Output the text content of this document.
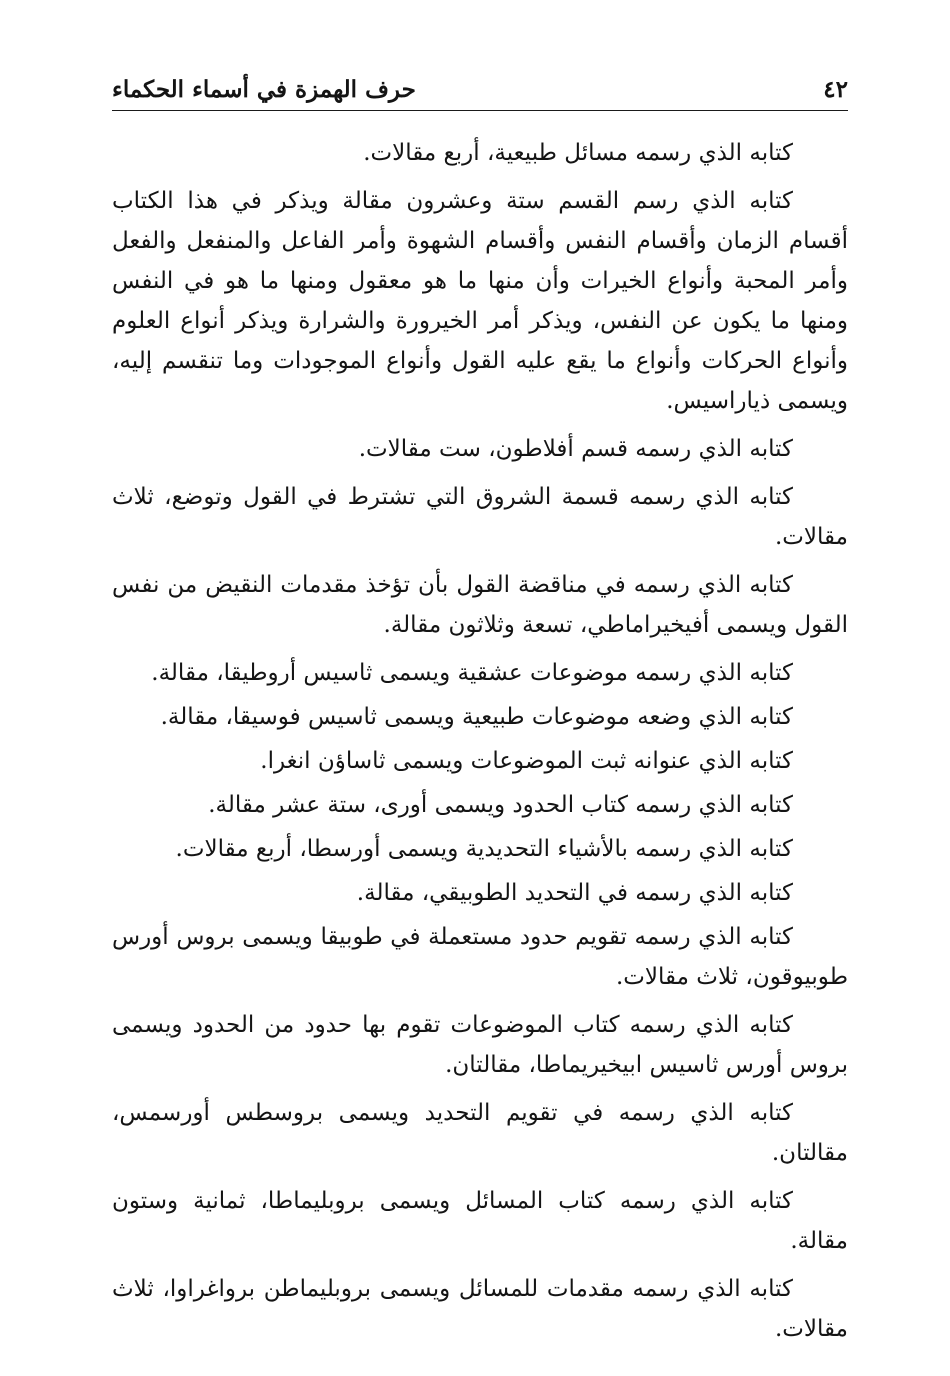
٤٢
حرف الهمزة في أسماء الحكماء

كتابه الذي رسمه مسائل طبيعية، أربع مقالات.

كتابه الذي رسم القسم ستة وعشرون مقالة ويذكر في هذا الكتاب أقسام الزمان وأقسام النفس وأقسام الشهوة وأمر الفاعل والمنفعل والفعل وأمر المحبة وأنواع الخيرات وأن منها ما هو معقول ومنها ما هو في النفس ومنها ما يكون عن النفس، ويذكر أمر الخيرورة والشرارة ويذكر أنواع العلوم وأنواع الحركات وأنواع ما يقع عليه القول وأنواع الموجودات وما تنقسم إليه، ويسمى ذياراسيس.

كتابه الذي رسمه قسم أفلاطون، ست مقالات.

كتابه الذي رسمه قسمة الشروق التي تشترط في القول وتوضع، ثلاث مقالات.

كتابه الذي رسمه في مناقضة القول بأن تؤخذ مقدمات النقيض من نفس القول ويسمى أفيخيراماطي، تسعة وثلاثون مقالة.

كتابه الذي رسمه موضوعات عشقية ويسمى ثاسيس أروطيقا، مقالة.

كتابه الذي وضعه موضوعات طبيعية ويسمى ثاسيس فوسيقا، مقالة.

كتابه الذي عنوانه ثبت الموضوعات ويسمى ثاساؤن انغرا.

كتابه الذي رسمه كتاب الحدود ويسمى أورى، ستة عشر مقالة.

كتابه الذي رسمه بالأشياء التحديدية ويسمى أورسطا، أربع مقالات.

كتابه الذي رسمه في التحديد الطوبيقي، مقالة.

كتابه الذي رسمه تقويم حدود مستعملة في طوبيقا ويسمى بروس أورس طوبيوقون، ثلاث مقالات.

كتابه الذي رسمه كتاب الموضوعات تقوم بها حدود من الحدود ويسمى بروس أورس ثاسيس ابيخيريماطا، مقالتان.

كتابه الذي رسمه في تقويم التحديد ويسمى بروسطس أورسمس، مقالتان.

كتابه الذي رسمه كتاب المسائل ويسمى بروبليماطا، ثمانية وستون مقالة.

كتابه الذي رسمه مقدمات للمسائل ويسمى بروبليماطن برواغراوا، ثلاث مقالات.
